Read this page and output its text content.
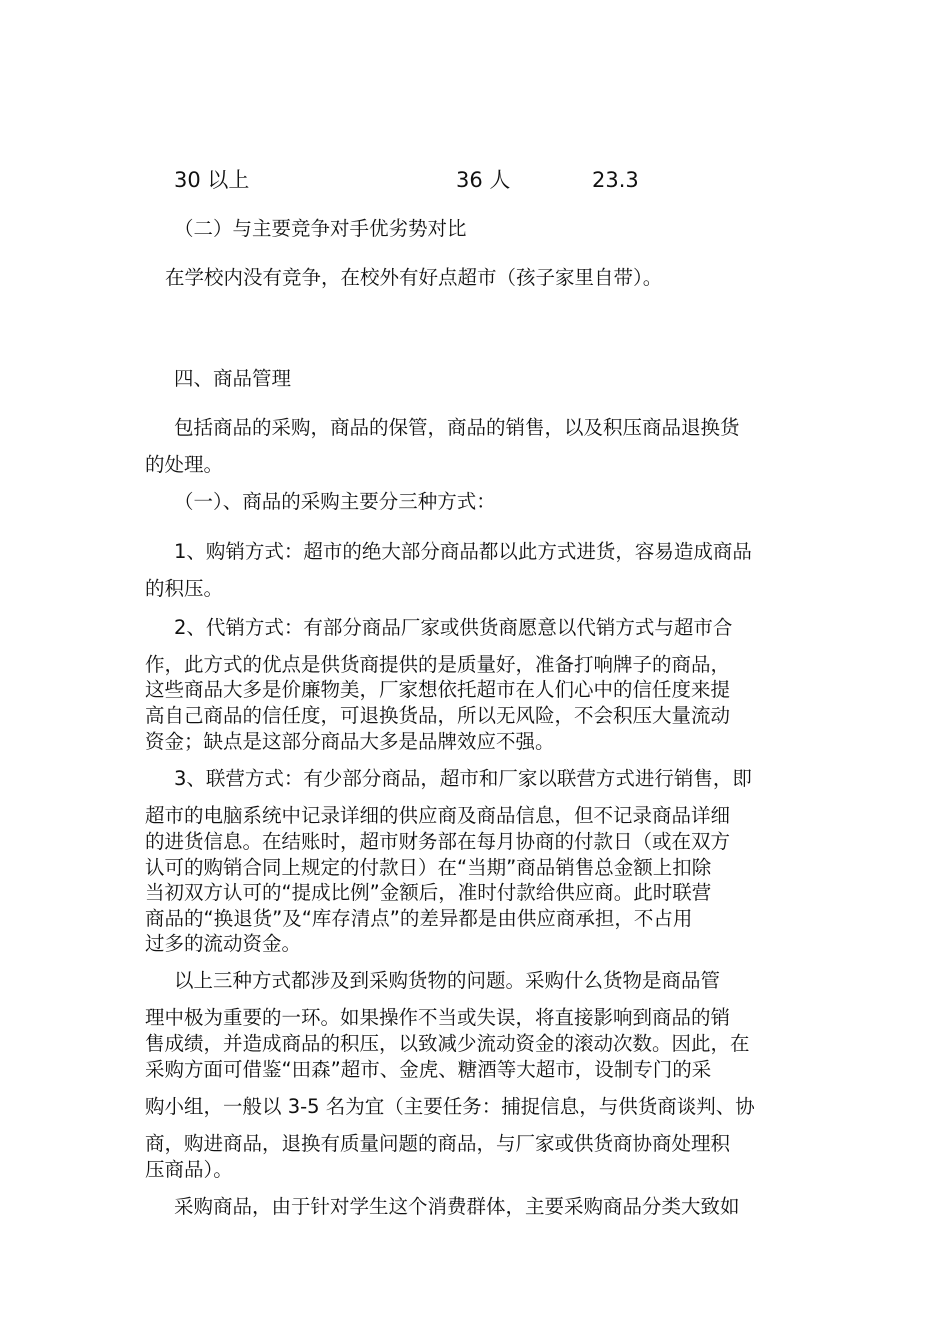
30 以上	36 人	23.3
（二）与主要竞争对手优劣势对比
在学校内没有竞争，在校外有好点超市（孩子家里自带）。
四、商品管理
包括商品的采购，商品的保管，商品的销售，以及积压商品退换货
的处理。
（一）、商品的采购主要分三种方式：
1、购销方式：超市的绝大部分商品都以此方式进货，容易造成商品
的积压。
2、代销方式：有部分商品厂家或供货商愿意以代销方式与超市合
作，此方式的优点是供货商提供的是质量好，准备打响牌子的商品，
这些商品大多是价廉物美，厂家想依托超市在人们心中的信任度来提
高自己商品的信任度，可退换货品，所以无风险，不会积压大量流动
资金；缺点是这部分商品大多是品牌效应不强。
3、联营方式：有少部分商品，超市和厂家以联营方式进行销售，即
超市的电脑系统中记录详细的供应商及商品信息，但不记录商品详细
的进货信息。在结账时，超市财务部在每月协商的付款日（或在双方
认可的购销合同上规定的付款日）在“当期”商品销售总金额上扣除
当初双方认可的“提成比例”金额后，准时付款给供应商。此时联营
商品的“换退货”及“库存清点”的差异都是由供应商承担，不占用
过多的流动资金。
以上三种方式都涉及到采购货物的问题。采购什么货物是商品管
理中极为重要的一环。如果操作不当或失误，将直接影响到商品的销
售成绩，并造成商品的积压，以致减少流动资金的滚动次数。因此，在
采购方面可借鉴“田森”超市、金虎、糖酒等大超市，设制专门的采
购小组，一般以 3-5 名为宜（主要任务：捕捉信息，与供货商谈判、协
商，购进商品，退换有质量问题的商品，与厂家或供货商协商处理积
压商品）。
采购商品，由于针对学生这个消费群体，主要采购商品分类大致如
